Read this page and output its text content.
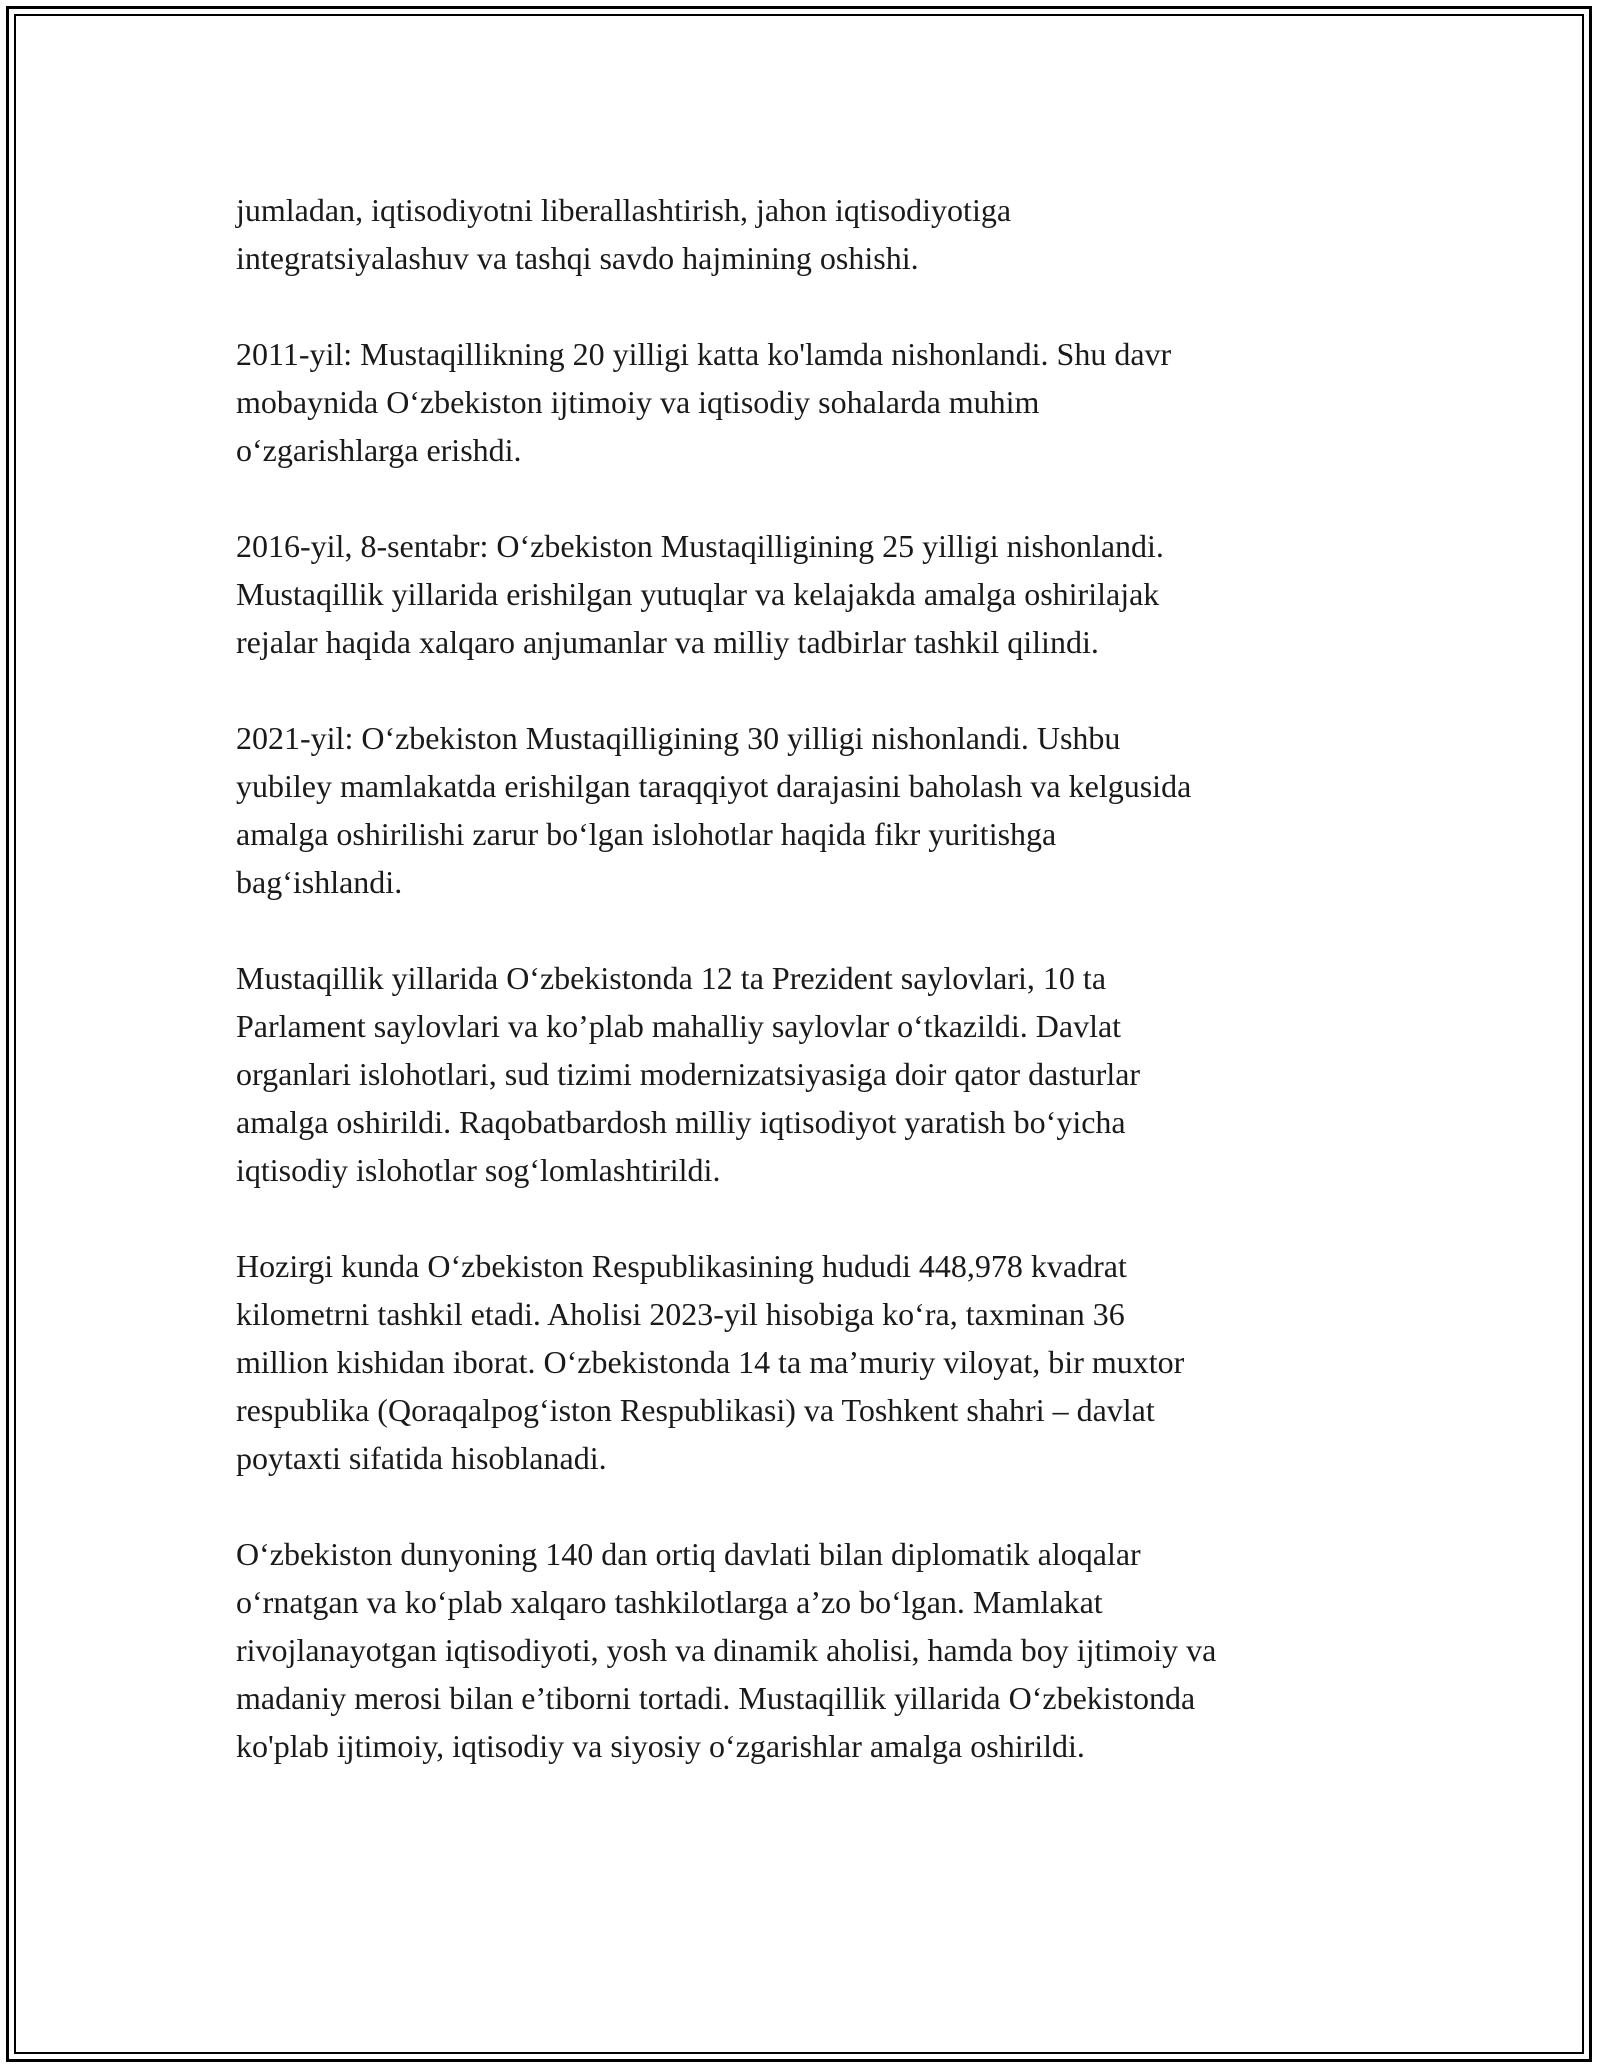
jumladan, iqtisodiyotni liberallashtirish, jahon iqtisodiyotiga
integratsiyalashuv va tashqi savdo hajmining oshishi.

2011-yil: Mustaqillikning 20 yilligi katta ko'lamda nishonlandi. Shu davr
mobaynida O‘zbekiston ijtimoiy va iqtisodiy sohalarda muhim
o‘zgarishlarga erishdi.

2016-yil, 8-sentabr: O‘zbekiston Mustaqilligining 25 yilligi nishonlandi.
Mustaqillik yillarida erishilgan yutuqlar va kelajakda amalga oshirilajak
rejalar haqida xalqaro anjumanlar va milliy tadbirlar tashkil qilindi.

2021-yil: O‘zbekiston Mustaqilligining 30 yilligi nishonlandi. Ushbu
yubiley mamlakatda erishilgan taraqqiyot darajasini baholash va kelgusida
amalga oshirilishi zarur bo‘lgan islohotlar haqida fikr yuritishga
bag‘ishlandi.

Mustaqillik yillarida O‘zbekistonda 12 ta Prezident saylovlari, 10 ta
Parlament saylovlari va ko’plab mahalliy saylovlar o‘tkazildi. Davlat
organlari islohotlari, sud tizimi modernizatsiyasiga doir qator dasturlar
amalga oshirildi. Raqobatbardosh milliy iqtisodiyot yaratish bo‘yicha
iqtisodiy islohotlar sog‘lomlashtirildi.

Hozirgi kunda O‘zbekiston Respublikasining hududi 448,978 kvadrat
kilometrni tashkil etadi. Aholisi 2023-yil hisobiga ko‘ra, taxminan 36
million kishidan iborat. O‘zbekistonda 14 ta ma’muriy viloyat, bir muxtor
respublika (Qoraqalpog‘iston Respublikasi) va Toshkent shahri – davlat
poytaxti sifatida hisoblanadi.

O‘zbekiston dunyoning 140 dan ortiq davlati bilan diplomatik aloqalar
o‘rnatgan va ko‘plab xalqaro tashkilotlarga a’zo bo‘lgan. Mamlakat
rivojlanayotgan iqtisodiyoti, yosh va dinamik aholisi, hamda boy ijtimoiy va
madaniy merosi bilan e’tiborni tortadi. Mustaqillik yillarida O‘zbekistonda
ko'plab ijtimoiy, iqtisodiy va siyosiy o‘zgarishlar amalga oshirildi.
